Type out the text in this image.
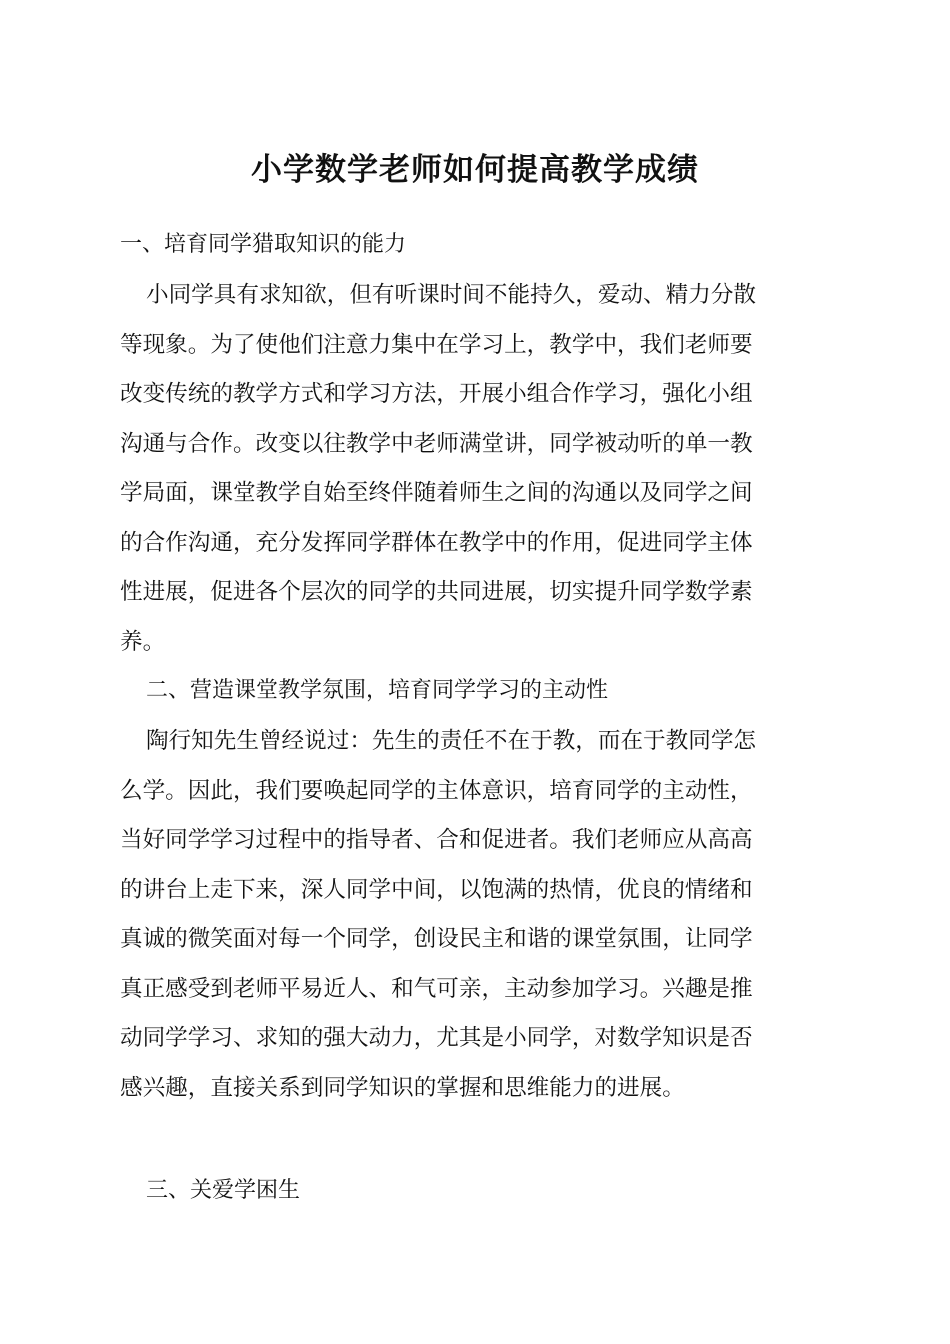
小学数学老师如何提高教学成绩

一、培育同学猎取知识的能力

小同学具有求知欲，但有听课时间不能持久，爱动、精力分散
等现象。为了使他们注意力集中在学习上，教学中，我们老师要
改变传统的教学方式和学习方法，开展小组合作学习，强化小组
沟通与合作。改变以往教学中老师满堂讲，同学被动听的单一教
学局面，课堂教学自始至终伴随着师生之间的沟通以及同学之间
的合作沟通，充分发挥同学群体在教学中的作用，促进同学主体
性进展，促进各个层次的同学的共同进展，切实提升同学数学素
养。

二、营造课堂教学氛围，培育同学学习的主动性

陶行知先生曾经说过：先生的责任不在于教，而在于教同学怎
么学。因此，我们要唤起同学的主体意识，培育同学的主动性，
当好同学学习过程中的指导者、合和促进者。我们老师应从高高
的讲台上走下来，深人同学中间，以饱满的热情，优良的情绪和
真诚的微笑面对每一个同学，创设民主和谐的课堂氛围，让同学
真正感受到老师平易近人、和气可亲，主动参加学习。兴趣是推
动同学学习、求知的强大动力，尤其是小同学，对数学知识是否
感兴趣，直接关系到同学知识的掌握和思维能力的进展。

三、关爱学困生
